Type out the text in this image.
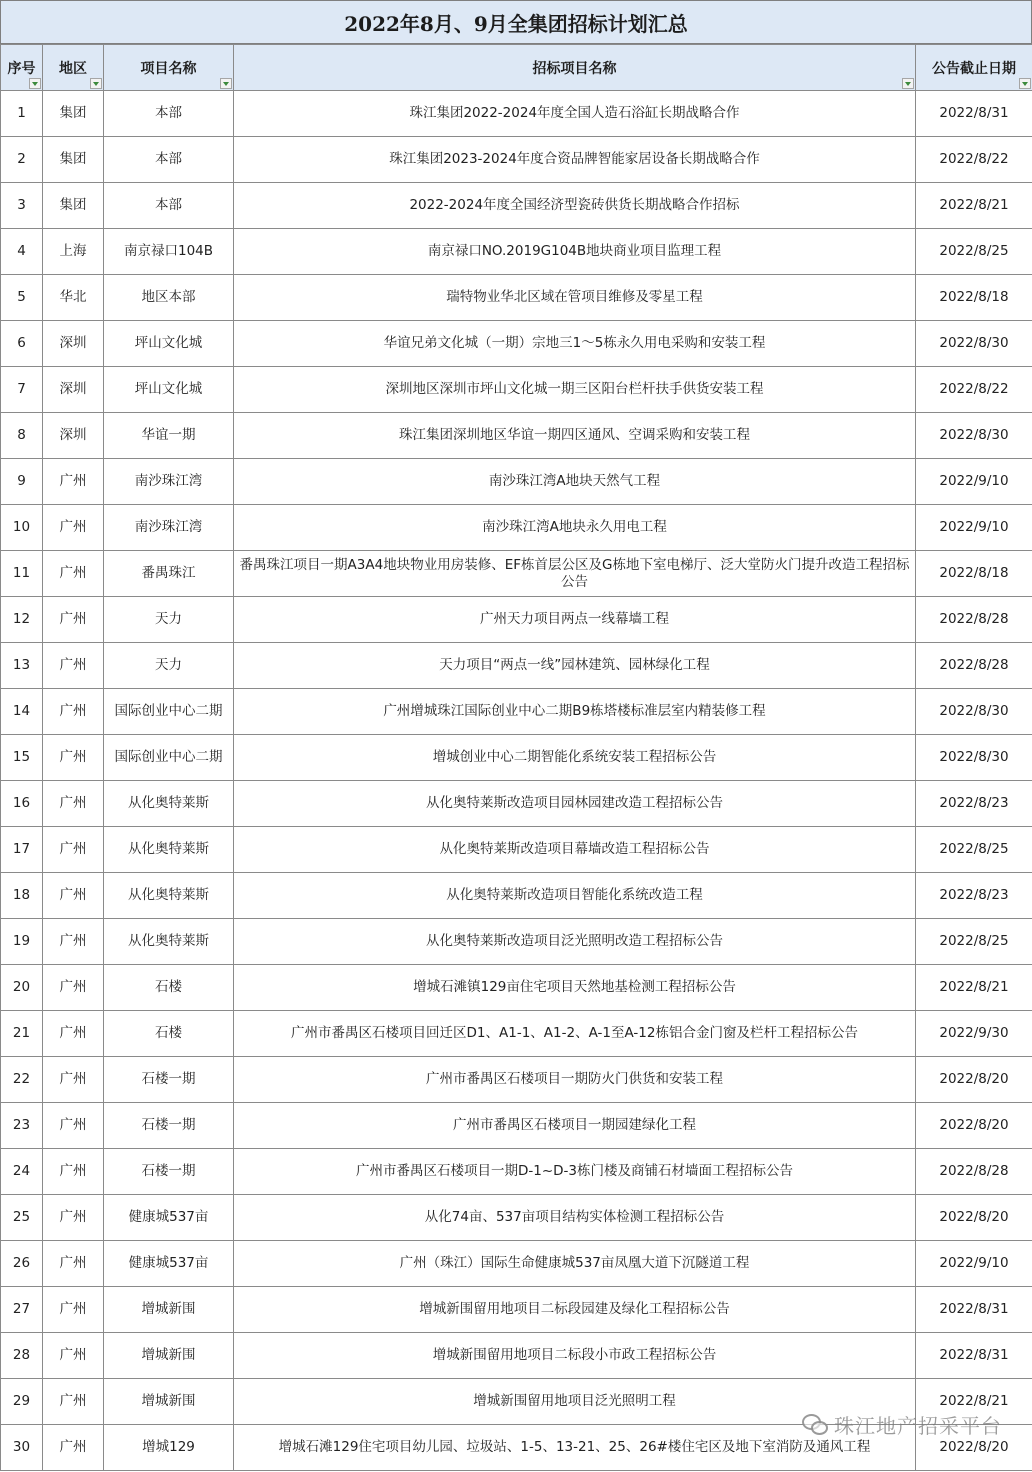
2022年8月、9月全集团招标计划汇总
序号	地区	项目名称	招标项目名称	公告截止日期

1	集团	本部	珠江集团2022-2024年度全国人造石浴缸长期战略合作	2022/8/31
2	集团	本部	珠江集团2023-2024年度合资品牌智能家居设备长期战略合作	2022/8/22
3	集团	本部	2022-2024年度全国经济型瓷砖供货长期战略合作招标	2022/8/21
4	上海	南京禄口104B	南京禄口NO.2019G104B地块商业项目监理工程	2022/8/25
5	华北	地区本部	瑞特物业华北区域在管项目维修及零星工程	2022/8/18
6	深圳	坪山文化城	华谊兄弟文化城（一期）宗地三1～5栋永久用电采购和安装工程	2022/8/30
7	深圳	坪山文化城	深圳地区深圳市坪山文化城一期三区阳台栏杆扶手供货安装工程	2022/8/22
8	深圳	华谊一期	珠江集团深圳地区华谊一期四区通风、空调采购和安装工程	2022/8/30
9	广州	南沙珠江湾	南沙珠江湾A地块天然气工程	2022/9/10
10	广州	南沙珠江湾	南沙珠江湾A地块永久用电工程	2022/9/10
11	广州	番禺珠江	番禺珠江项目一期A3A4地块物业用房装修、EF栋首层公区及G栋地下室电梯厅、泛大堂防火门提升改造工程招标公告	2022/8/18
12	广州	天力	广州天力项目两点一线幕墙工程	2022/8/28
13	广州	天力	天力项目“两点一线”园林建筑、园林绿化工程	2022/8/28
14	广州	国际创业中心二期	广州增城珠江国际创业中心二期B9栋塔楼标准层室内精装修工程	2022/8/30
15	广州	国际创业中心二期	增城创业中心二期智能化系统安装工程招标公告	2022/8/30
16	广州	从化奥特莱斯	从化奥特莱斯改造项目园林园建改造工程招标公告	2022/8/23
17	广州	从化奥特莱斯	从化奥特莱斯改造项目幕墙改造工程招标公告	2022/8/25
18	广州	从化奥特莱斯	从化奥特莱斯改造项目智能化系统改造工程	2022/8/23
19	广州	从化奥特莱斯	从化奥特莱斯改造项目泛光照明改造工程招标公告	2022/8/25
20	广州	石楼	增城石滩镇129亩住宅项目天然地基检测工程招标公告	2022/8/21
21	广州	石楼	广州市番禺区石楼项目回迁区D1、A1-1、A1-2、A-1至A-12栋铝合金门窗及栏杆工程招标公告	2022/9/30
22	广州	石楼一期	广州市番禺区石楼项目一期防火门供货和安装工程	2022/8/20
23	广州	石楼一期	广州市番禺区石楼项目一期园建绿化工程	2022/8/20
24	广州	石楼一期	广州市番禺区石楼项目一期D-1~D-3栋门楼及商铺石材墙面工程招标公告	2022/8/28
25	广州	健康城537亩	从化74亩、537亩项目结构实体检测工程招标公告	2022/8/20
26	广州	健康城537亩	广州（珠江）国际生命健康城537亩凤凰大道下沉隧道工程	2022/9/10
27	广州	增城新围	增城新围留用地项目二标段园建及绿化工程招标公告	2022/8/31
28	广州	增城新围	增城新围留用地项目二标段小市政工程招标公告	2022/8/31
29	广州	增城新围	增城新围留用地项目泛光照明工程	2022/8/21
30	广州	增城129	增城石滩129住宅项目幼儿园、垃圾站、1-5、13-21、25、26#楼住宅区及地下室消防及通风工程	2022/8/20
珠江地产招采平台
